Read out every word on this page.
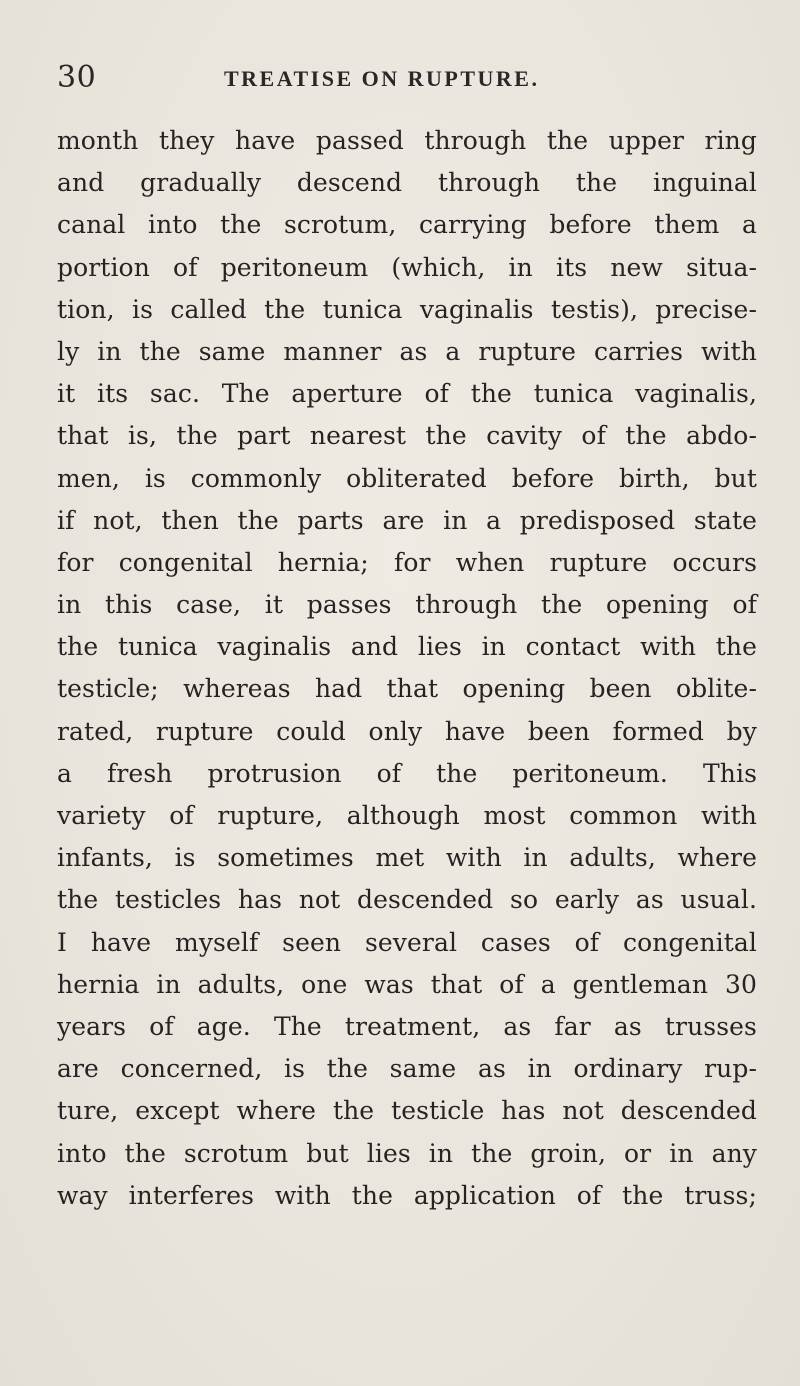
30	TREATISE ON RUPTURE.
month they have passed through the upper ring
and gradually descend through the inguinal
canal into the scrotum, carrying before them a
portion of peritoneum (which, in its new situa-
tion, is called the tunica vaginalis testis), precise-
ly in the same manner as a rupture carries with
it its sac. The aperture of the tunica vaginalis,
that is, the part nearest the cavity of the abdo-
men, is commonly obliterated before birth, but
if not, then the parts are in a predisposed state
for congenital hernia; for when rupture occurs
in this case, it passes through the opening of
the tunica vaginalis and lies in contact with the
testicle; whereas had that opening been oblite-
rated, rupture could only have been formed by
a fresh protrusion of the peritoneum. This
variety of rupture, although most common with
infants, is sometimes met with in adults, where
the testicles has not descended so early as usual.
I have myself seen several cases of congenital
hernia in adults, one was that of a gentleman 30
years of age. The treatment, as far as trusses
are concerned, is the same as in ordinary rup-
ture, except where the testicle has not descended
into the scrotum but lies in the groin, or in any
way interferes with the application of the truss;
